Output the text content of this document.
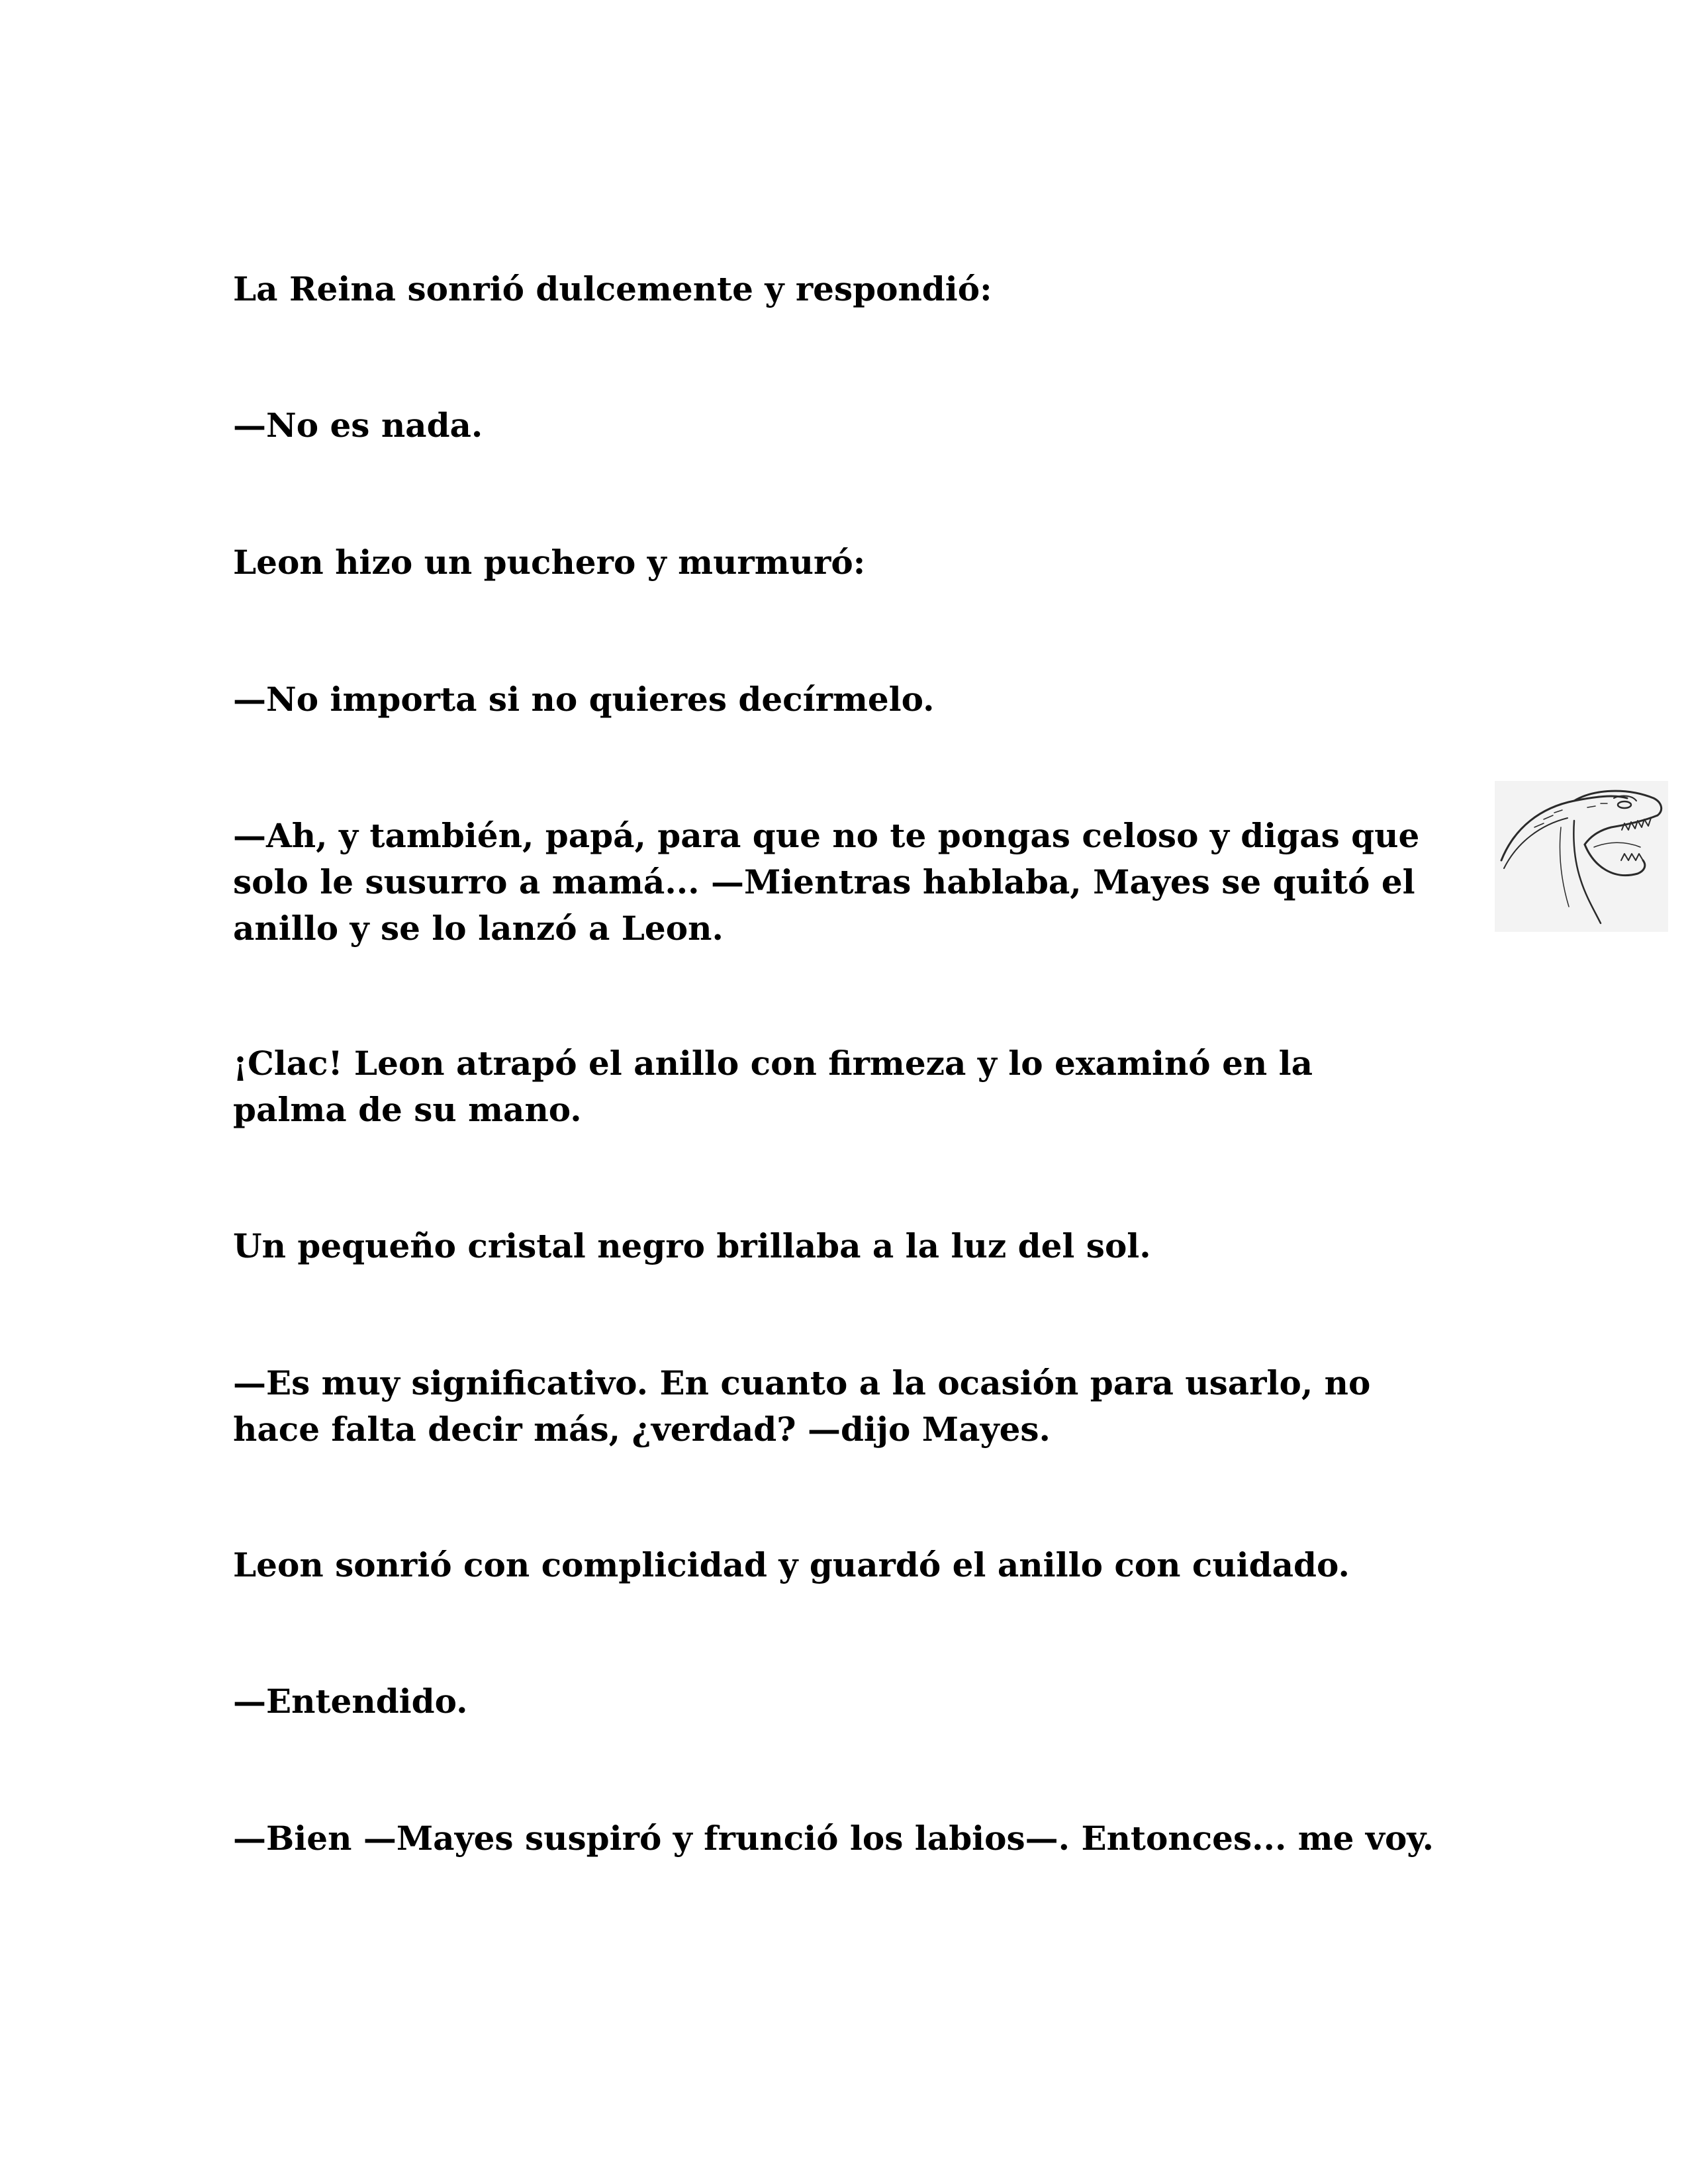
La Reina sonrió dulcemente y respondió:

—No es nada.

Leon hizo un puchero y murmuró:

—No importa si no quieres decírmelo.

—Ah, y también, papá, para que no te pongas celoso y digas que solo le susurro a mamá... —Mientras hablaba, Mayes se quitó el anillo y se lo lanzó a Leon.

¡Clac! Leon atrapó el anillo con firmeza y lo examinó en la palma de su mano.

Un pequeño cristal negro brillaba a la luz del sol.

—Es muy significativo. En cuanto a la ocasión para usarlo, no hace falta decir más, ¿verdad? —dijo Mayes.

Leon sonrió con complicidad y guardó el anillo con cuidado.

—Entendido.

—Bien —Mayes suspiró y frunció los labios—. Entonces... me voy.
